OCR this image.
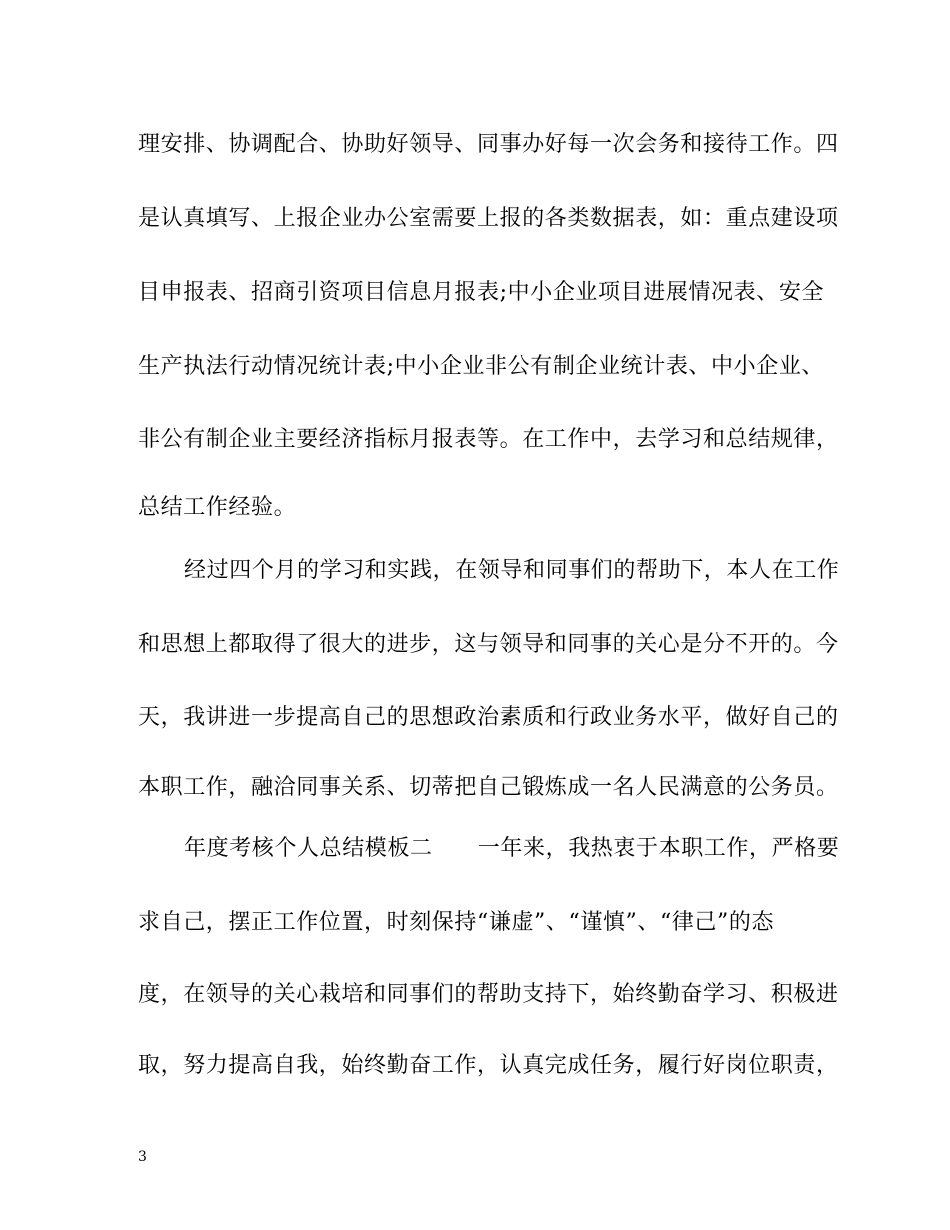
理安排、协调配合、协助好领导、同事办好每一次会务和接待工作。四
是认真填写、上报企业办公室需要上报的各类数据表，如：重点建设项
目申报表、招商引资项目信息月报表;中小企业项目进展情况表、安全
生产执法行动情况统计表;中小企业非公有制企业统计表、中小企业、
非公有制企业主要经济指标月报表等。在工作中，去学习和总结规律，
总结工作经验。
经过四个月的学习和实践，在领导和同事们的帮助下，本人在工作
和思想上都取得了很大的进步，这与领导和同事的关心是分不开的。今
天，我讲进一步提高自己的思想政治素质和行政业务水平，做好自己的
本职工作，融洽同事关系、切蒂把自己锻炼成一名人民满意的公务员。
年度考核个人总结模板二　　一年来，我热衷于本职工作，严格要
求自己，摆正工作位置，时刻保持“谦虚”、“谨慎”、“律己”的态
度，在领导的关心栽培和同事们的帮助支持下，始终勤奋学习、积极进
取，努力提高自我，始终勤奋工作，认真完成任务，履行好岗位职责，
3
